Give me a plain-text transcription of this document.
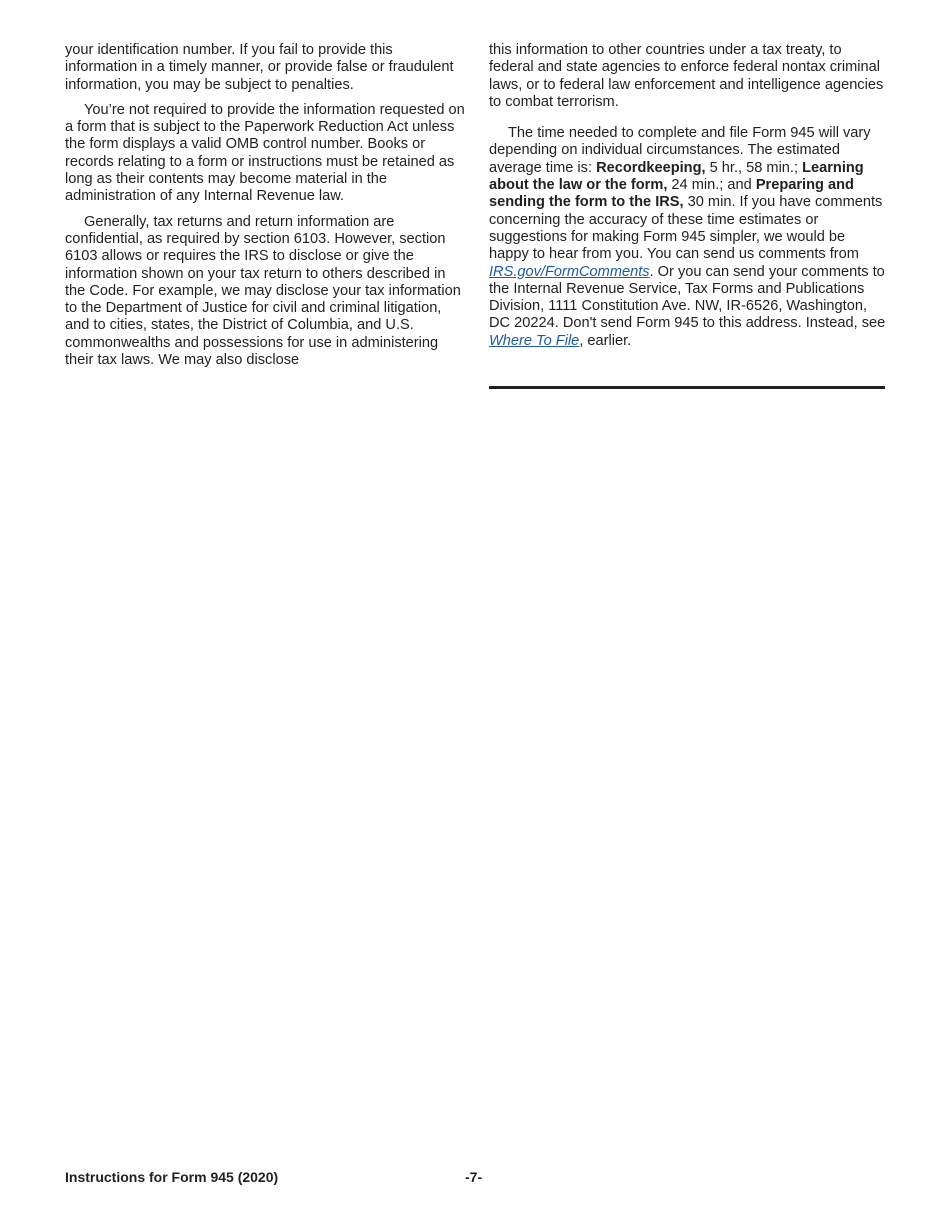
your identification number. If you fail to provide this information in a timely manner, or provide false or fraudulent information, you may be subject to penalties.

You’re not required to provide the information requested on a form that is subject to the Paperwork Reduction Act unless the form displays a valid OMB control number. Books or records relating to a form or instructions must be retained as long as their contents may become material in the administration of any Internal Revenue law.

Generally, tax returns and return information are confidential, as required by section 6103. However, section 6103 allows or requires the IRS to disclose or give the information shown on your tax return to others described in the Code. For example, we may disclose your tax information to the Department of Justice for civil and criminal litigation, and to cities, states, the District of Columbia, and U.S. commonwealths and possessions for use in administering their tax laws. We may also disclose

this information to other countries under a tax treaty, to federal and state agencies to enforce federal nontax criminal laws, or to federal law enforcement and intelligence agencies to combat terrorism.

The time needed to complete and file Form 945 will vary depending on individual circumstances. The estimated average time is: Recordkeeping, 5 hr., 58 min.; Learning about the law or the form, 24 min.; and Preparing and sending the form to the IRS, 30 min. If you have comments concerning the accuracy of these time estimates or suggestions for making Form 945 simpler, we would be happy to hear from you. You can send us comments from IRS.gov/FormComments. Or you can send your comments to the Internal Revenue Service, Tax Forms and Publications Division, 1111 Constitution Ave. NW, IR-6526, Washington, DC 20224. Don't send Form 945 to this address. Instead, see Where To File, earlier.

Instructions for Form 945 (2020)	-7-
